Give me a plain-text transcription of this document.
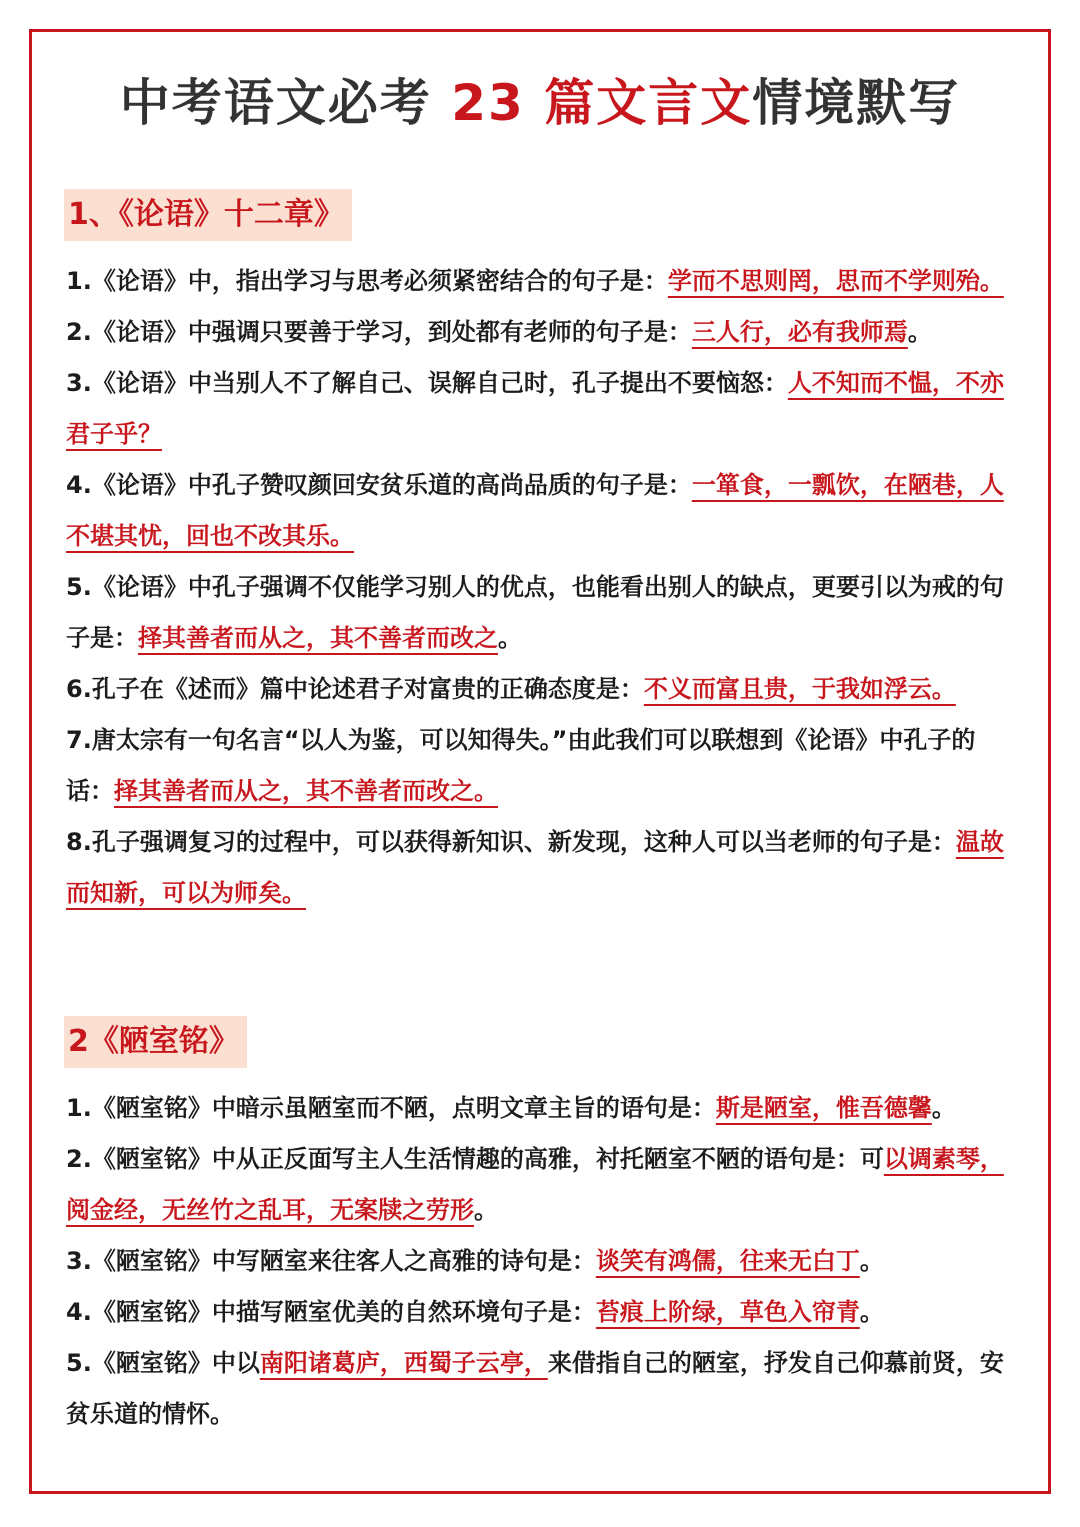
中考语文必考 23 篇文言文情境默写
1、《论语》十二章》

1.《论语》中，指出学习与思考必须紧密结合的句子是：学而不思则罔，思而不学则殆。

2.《论语》中强调只要善于学习，到处都有老师的句子是：三人行，必有我师焉。

3.《论语》中当别人不了解自己、误解自己时，孔子提出不要恼怒：人不知而不愠，不亦君子乎？

4.《论语》中孔子赞叹颜回安贫乐道的高尚品质的句子是：一箪食，一瓢饮，在陋巷，人不堪其忧，回也不改其乐。

5.《论语》中孔子强调不仅能学习别人的优点，也能看出别人的缺点，更要引以为戒的句子是：择其善者而从之，其不善者而改之。

6.孔子在《述而》篇中论述君子对富贵的正确态度是：不义而富且贵，于我如浮云。

7.唐太宗有一句名言“以人为鉴，可以知得失。”由此我们可以联想到《论语》中孔子的话：择其善者而从之，其不善者而改之。

8.孔子强调复习的过程中，可以获得新知识、新发现，这种人可以当老师的句子是：温故而知新，可以为师矣。

2《陋室铭》

1.《陋室铭》中暗示虽陋室而不陋，点明文章主旨的语句是：斯是陋室，惟吾德馨。

2.《陋室铭》中从正反面写主人生活情趣的高雅，衬托陋室不陋的语句是：可以调素琴，阅金经，无丝竹之乱耳，无案牍之劳形。

3.《陋室铭》中写陋室来往客人之高雅的诗句是：谈笑有鸿儒，往来无白丁。

4.《陋室铭》中描写陋室优美的自然环境句子是：苔痕上阶绿，草色入帘青。

5.《陋室铭》中以南阳诸葛庐，西蜀子云亭，来借指自己的陋室，抒发自己仰慕前贤，安贫乐道的情怀。
